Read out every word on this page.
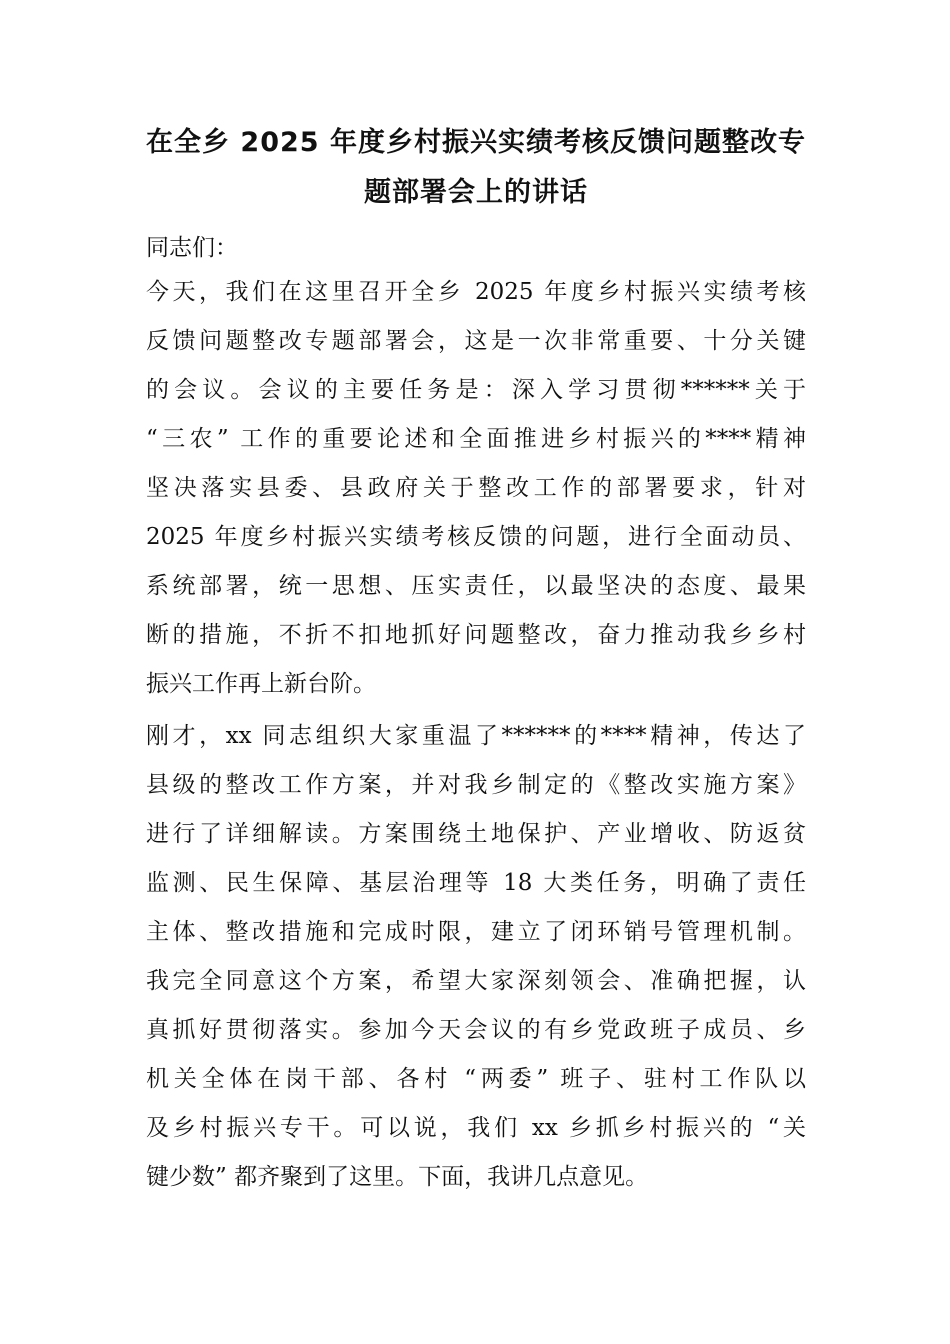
在全乡 2025 年度乡村振兴实绩考核反馈问题整改专
题部署会上的讲话

同志们：

今天，我们在这里召开全乡 2025 年度乡村振兴实绩考核
反馈问题整改专题部署会，这是一次非常重要、十分关键
的会议。会议的主要任务是：深入学习贯彻******关于
“三农” 工作的重要论述和全面推进乡村振兴的****精神
坚决落实县委、县政府关于整改工作的部署要求，针对
2025 年度乡村振兴实绩考核反馈的问题，进行全面动员、
系统部署，统一思想、压实责任，以最坚决的态度、最果
断的措施，不折不扣地抓好问题整改，奋力推动我乡乡村
振兴工作再上新台阶。
刚才，xx 同志组织大家重温了******的****精神，传达了
县级的整改工作方案，并对我乡制定的《整改实施方案》
进行了详细解读。方案围绕土地保护、产业增收、防返贫
监测、民生保障、基层治理等 18 大类任务，明确了责任
主体、整改措施和完成时限，建立了闭环销号管理机制。
我完全同意这个方案，希望大家深刻领会、准确把握，认
真抓好贯彻落实。参加今天会议的有乡党政班子成员、乡
机关全体在岗干部、各村 “两委” 班子、驻村工作队以
及乡村振兴专干。可以说，我们 xx 乡抓乡村振兴的 “关
键少数” 都齐聚到了这里。下面，我讲几点意见。
